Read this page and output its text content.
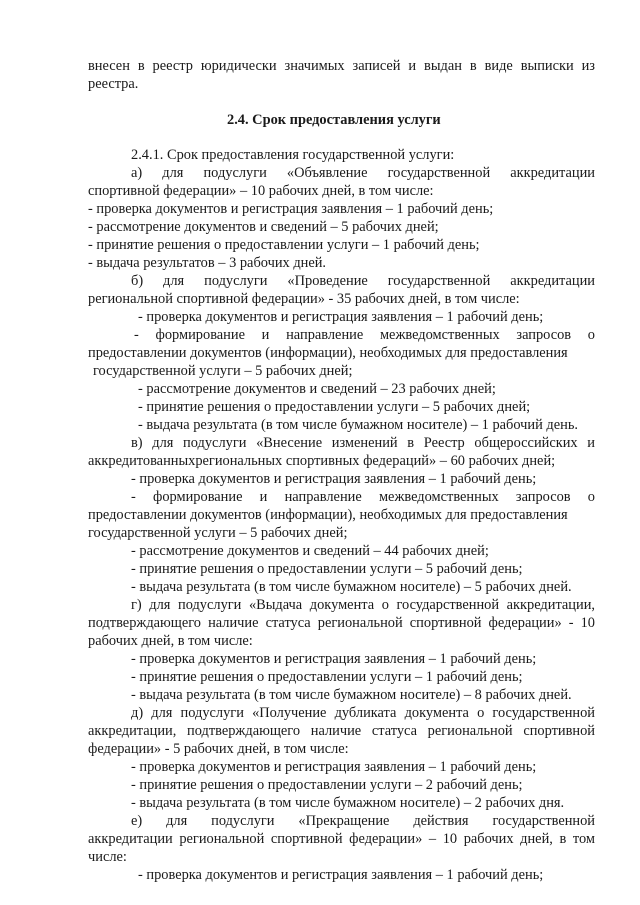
внесен в реестр юридически значимых записей и выдан в виде выписки из

реестра.

2.4. Срок предоставления услуги

2.4.1. Срок предоставления государственной услуги:

а) для подуслуги «Объявление государственной аккредитации

спортивной федерации» – 10 рабочих дней, в том числе:

- проверка документов и регистрация заявления – 1 рабочий день;

- рассмотрение документов и сведений – 5 рабочих дней;

- принятие решения о предоставлении услуги – 1 рабочий день;

- выдача результатов – 3 рабочих дней.

б) для подуслуги «Проведение государственной аккредитации

региональной спортивной федерации» - 35 рабочих дней, в том числе:

- проверка документов и регистрация заявления – 1 рабочий день;

- формирование и направление межведомственных запросов о

предоставлении документов (информации), необходимых для предоставления

государственной услуги – 5 рабочих дней;

- рассмотрение документов и сведений – 23 рабочих дней;

- принятие решения о предоставлении услуги – 5 рабочих дней;

- выдача результата (в том числе бумажном носителе) – 1 рабочий день.

в) для подуслуги «Внесение изменений в Реестр общероссийских и

аккредитованныхрегиональных спортивных федераций» – 60 рабочих дней;

- проверка документов и регистрация заявления – 1 рабочий день;

- формирование и направление межведомственных запросов о

предоставлении документов (информации), необходимых для предоставления

государственной услуги – 5 рабочих дней;

- рассмотрение документов и сведений – 44 рабочих дней;

- принятие решения о предоставлении услуги – 5 рабочий день;

- выдача результата (в том числе бумажном носителе) – 5 рабочих дней.

г) для подуслуги «Выдача документа о государственной аккредитации,

подтверждающего наличие статуса региональной спортивной федерации» - 10

рабочих дней, в том числе:

- проверка документов и регистрация заявления – 1 рабочий день;

- принятие решения о предоставлении услуги – 1 рабочий день;

- выдача результата (в том числе бумажном носителе) – 8 рабочих дней.

д) для подуслуги «Получение дубликата документа о государственной

аккредитации, подтверждающего наличие статуса региональной спортивной

федерации» - 5 рабочих дней, в том числе:

- проверка документов и регистрация заявления – 1 рабочий день;

- принятие решения о предоставлении услуги – 2 рабочий день;

- выдача результата (в том числе бумажном носителе) – 2 рабочих дня.

е) для подуслуги «Прекращение действия государственной

аккредитации региональной спортивной федерации» – 10 рабочих дней, в том

числе:

- проверка документов и регистрация заявления – 1 рабочий день;
